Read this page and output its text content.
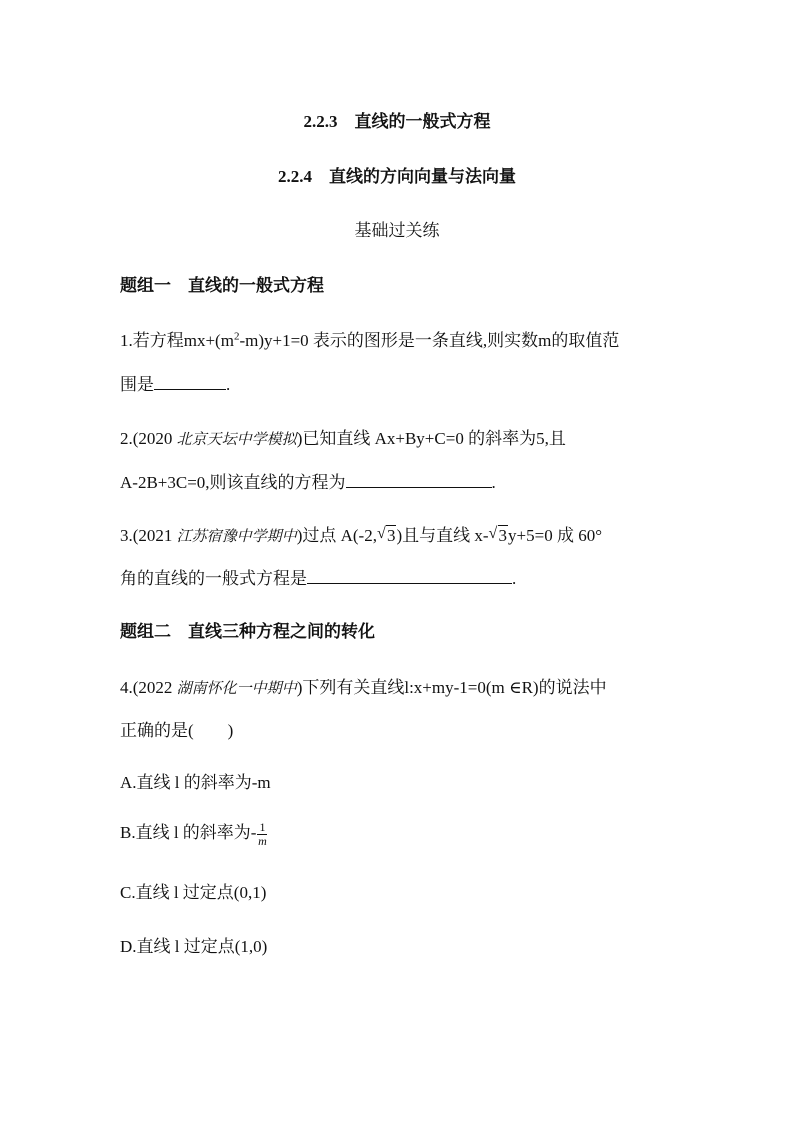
2.2.3　直线的一般式方程
2.2.4　直线的方向向量与法向量
基础过关练
题组一　直线的一般式方程
1.若方程$mx+(m^2-m)y+1=0$ 表示的图形是一条直线,则实数m的取值范
围是	.
2.(2020 北京天坛中学模拟)已知直线 Ax+By+C=0 的斜率为5,且
A-2B+3C=0,则该直线的方程为	.
3.(2021 江苏宿豫中学期中)过点 A(-2, √ 3)且与直线 x- √ 3y+5=0 成 60°
角的直线的一般式方程是	.
题组二　直线三种方程之间的转化
4.(2022 湖南怀化一中期中)下列有关直线l:x+my-1=0(m ∈R)的说法中
正确的是(　　)
A.直线 l 的斜率为-m
B.直线 l 的斜率为- $\frac{1}{m}$
C.直线 l 过定点(0,1)
D.直线 l 过定点(1,0)
